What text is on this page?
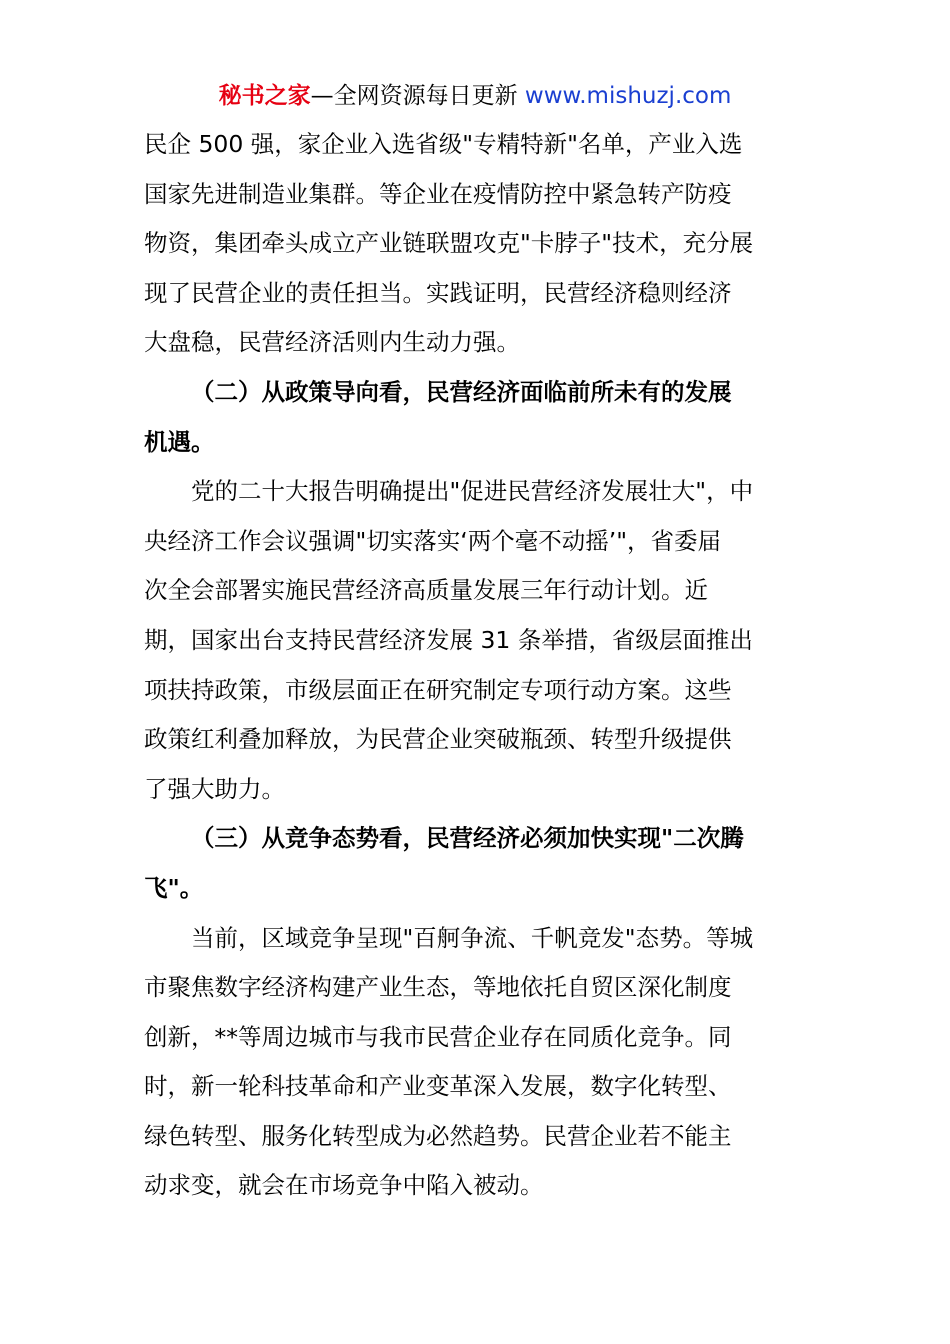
秘书之家—全网资源每日更新 www.mishuzj.com
民企 500 强，家企业入选省级"专精特新"名单，产业入选
国家先进制造业集群。等企业在疫情防控中紧急转产防疫
物资，集团牵头成立产业链联盟攻克"卡脖子"技术，充分展
现了民营企业的责任担当。实践证明，民营经济稳则经济
大盘稳，民营经济活则内生动力强。
（二）从政策导向看，民营经济面临前所未有的发展
机遇。
党的二十大报告明确提出"促进民营经济发展壮大"，中
央经济工作会议强调"切实落实‘两个毫不动摇’"，省委届
次全会部署实施民营经济高质量发展三年行动计划。近
期，国家出台支持民营经济发展 31 条举措，省级层面推出
项扶持政策，市级层面正在研究制定专项行动方案。这些
政策红利叠加释放，为民营企业突破瓶颈、转型升级提供
了强大助力。
（三）从竞争态势看，民营经济必须加快实现"二次腾
飞"。
当前，区域竞争呈现"百舸争流、千帆竞发"态势。等城
市聚焦数字经济构建产业生态，等地依托自贸区深化制度
创新，**等周边城市与我市民营企业存在同质化竞争。同
时，新一轮科技革命和产业变革深入发展，数字化转型、
绿色转型、服务化转型成为必然趋势。民营企业若不能主
动求变，就会在市场竞争中陷入被动。
